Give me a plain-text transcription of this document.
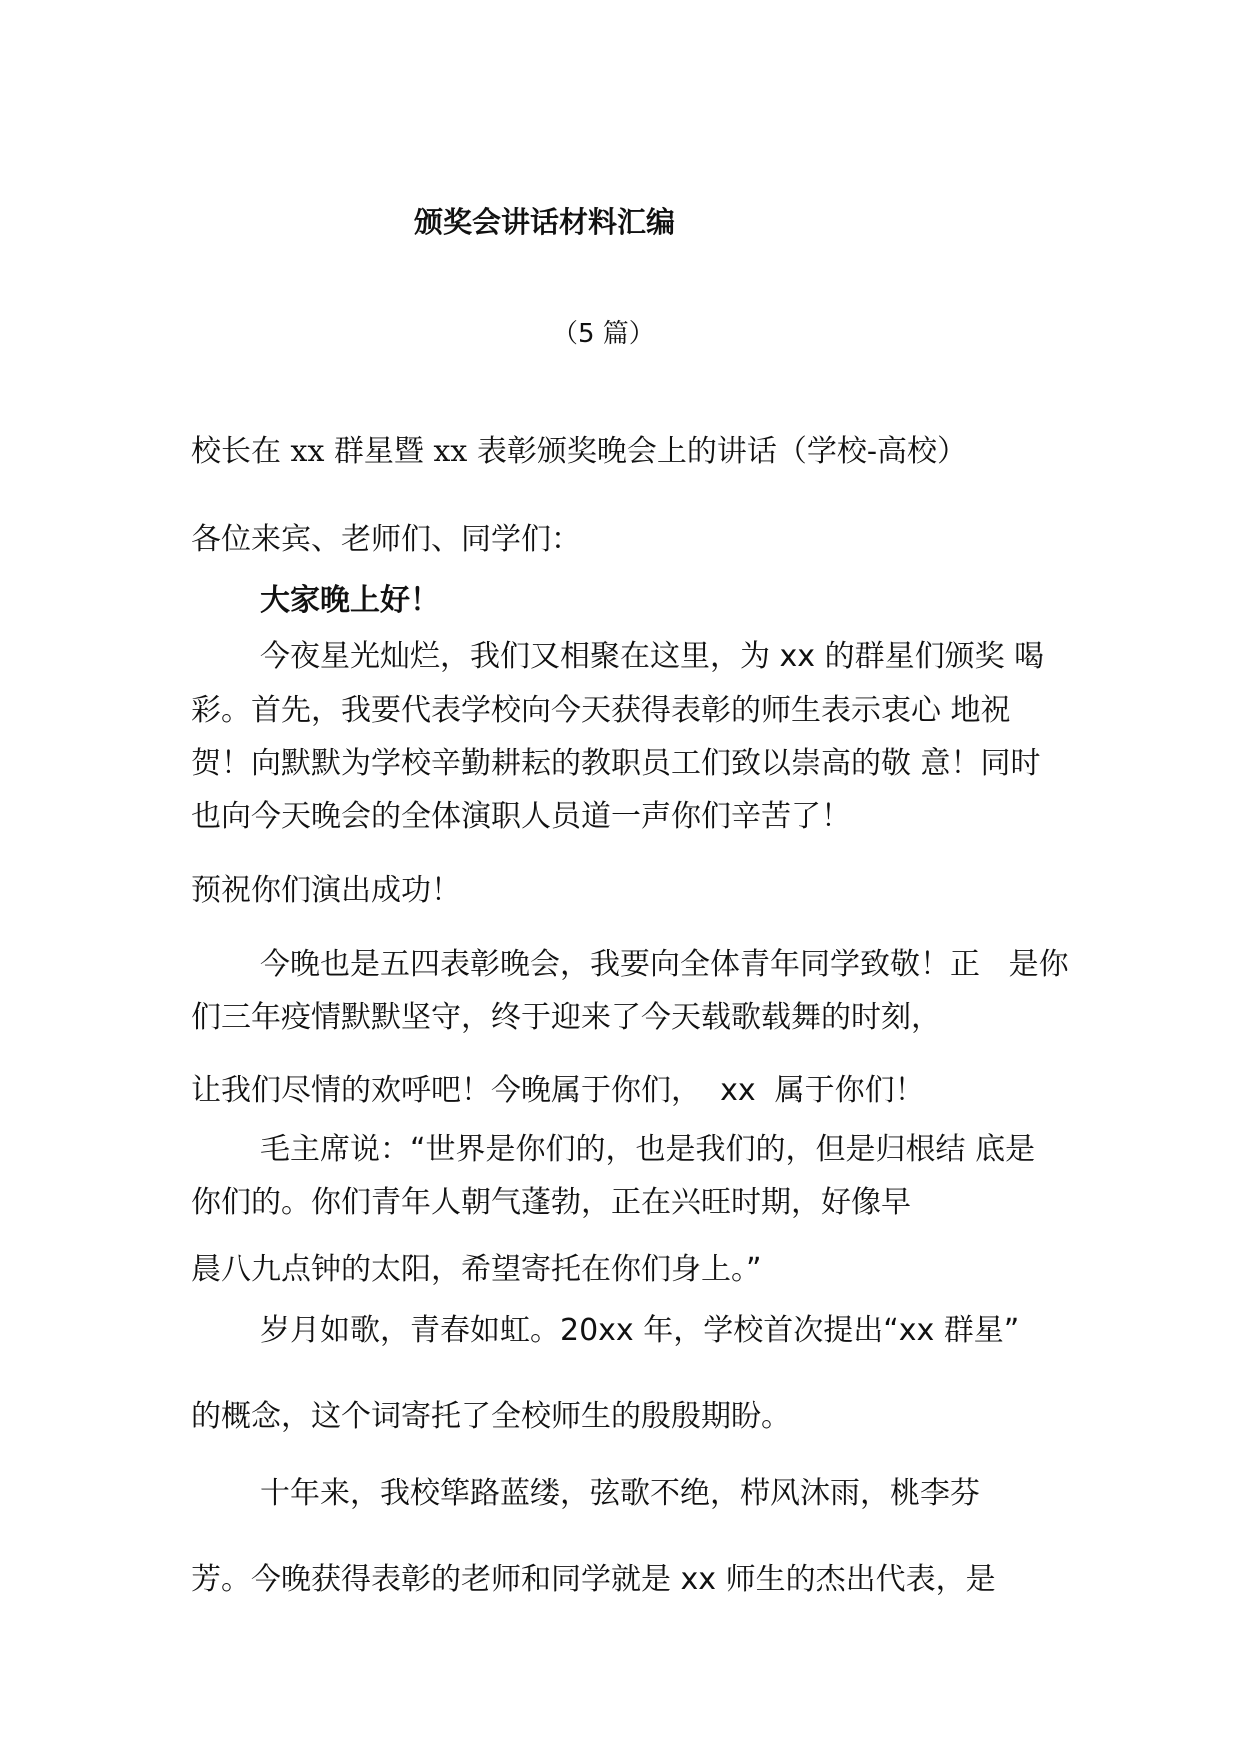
颁奖会讲话材料汇编
（5 篇）
校长在 xx 群星暨 xx 表彰颁奖晚会上的讲话（学校-高校）
各位来宾、老师们、同学们：
大家晚上好！
今夜星光灿烂，我们又相聚在这里，为 xx 的群星们颁奖 喝
彩。首先，我要代表学校向今天获得表彰的师生表示衷心 地祝
贺！向默默为学校辛勤耕耘的教职员工们致以崇高的敬 意！同时
也向今天晚会的全体演职人员道一声你们辛苦了！
预祝你们演出成功！
今晚也是五四表彰晚会，我要向全体青年同学致敬！正   是你
们三年疫情默默坚守，终于迎来了今天载歌载舞的时刻，
让我们尽情的欢呼吧！今晚属于你们，  xx  属于你们！
毛主席说：“世界是你们的，也是我们的，但是归根结 底是
你们的。你们青年人朝气蓬勃，正在兴旺时期，好像早
晨八九点钟的太阳，希望寄托在你们身上。”
岁月如歌，青春如虹。20xx 年，学校首次提出“xx 群星”
的概念，这个词寄托了全校师生的殷殷期盼。
十年来，我校筚路蓝缕，弦歌不绝，栉风沐雨，桃李芬
芳。今晚获得表彰的老师和同学就是 xx 师生的杰出代表，是
